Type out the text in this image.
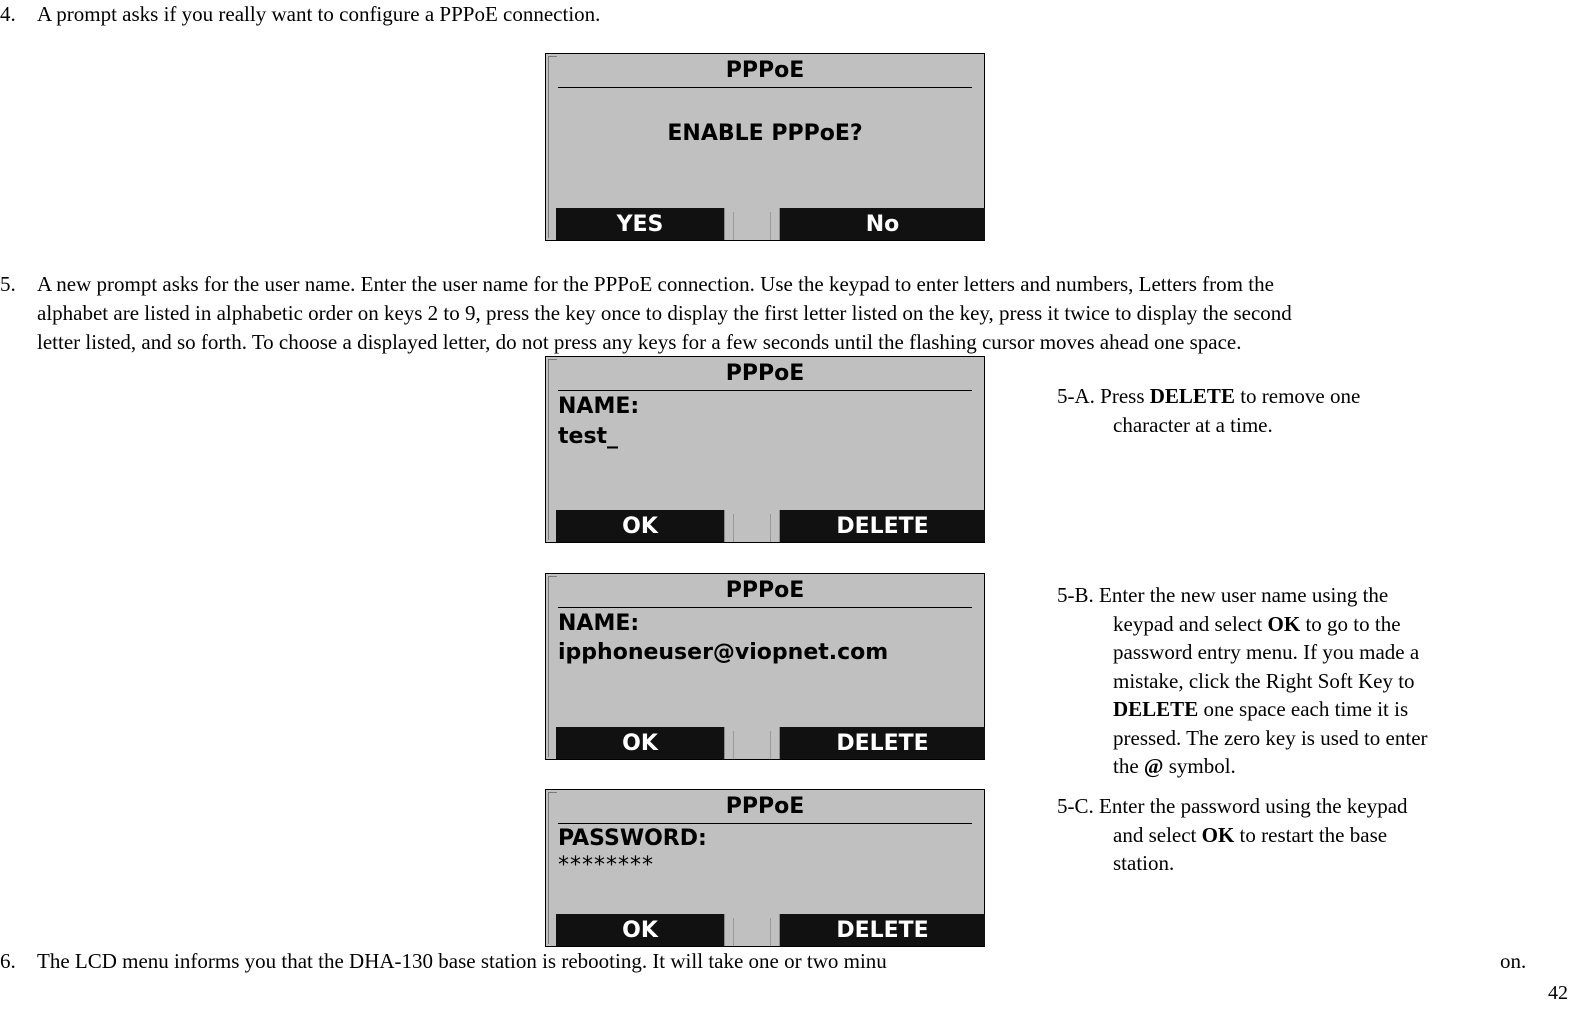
4. A prompt asks if you really want to configure a PPPoE connection.
PPPoE
ENABLE PPPoE?
YES	No
5. A new prompt asks for the user name. Enter the user name for the PPPoE connection. Use the keypad to enter letters and numbers, Letters from the
alphabet are listed in alphabetic order on keys 2 to 9, press the key once to display the first letter listed on the key, press it twice to display the second
letter listed, and so forth. To choose a displayed letter, do not press any keys for a few seconds until the flashing cursor moves ahead one space.
PPPoE
NAME:
test_
OK	DELETE
5-A. Press DELETE to remove one
character at a time.
PPPoE
NAME:
ipphoneuser@viopnet.com
OK	DELETE
5-B. Enter the new user name using the
keypad and select OK to go to the
password entry menu. If you made a
mistake, click the Right Soft Key to
DELETE one space each time it is
pressed. The zero key is used to enter
the @ symbol.
PPPoE
PASSWORD:
********
OK	DELETE
5-C. Enter the password using the keypad
and select OK to restart the base
station.
6. The LCD menu informs you that the DHA-130 base station is rebooting. It will take one or two minu	on.
42
